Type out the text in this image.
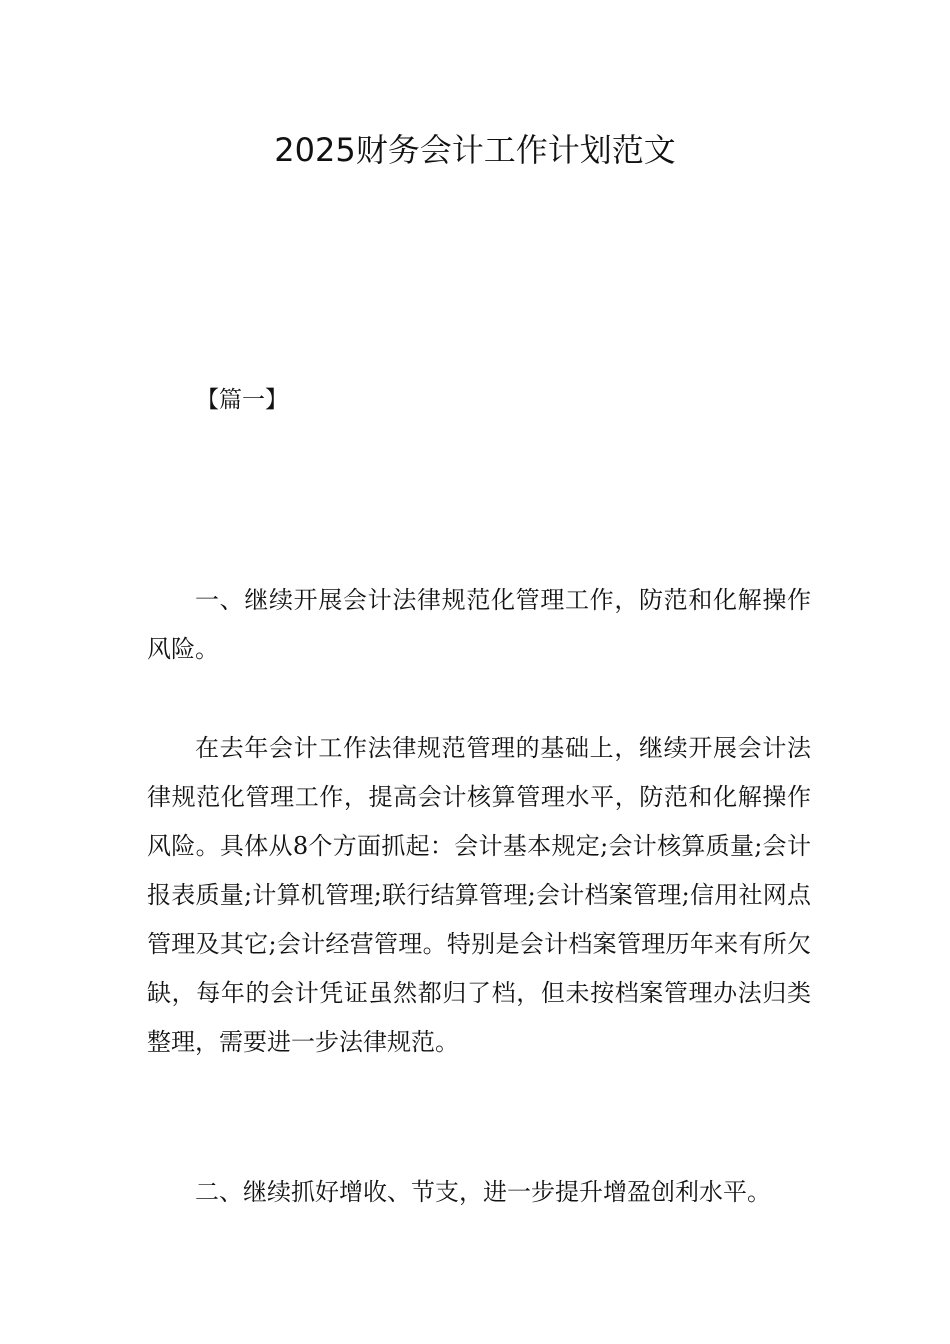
2025财务会计工作计划范文
【篇一】

一、继续开展会计法律规范化管理工作，防范和化解操作风险。

在去年会计工作法律规范管理的基础上，继续开展会计法律规范化管理工作，提高会计核算管理水平，防范和化解操作风险。具体从8个方面抓起：会计基本规定;会计核算质量;会计报表质量;计算机管理;联行结算管理;会计档案管理;信用社网点管理及其它;会计经营管理。特别是会计档案管理历年来有所欠缺，每年的会计凭证虽然都归了档，但未按档案管理办法归类整理，需要进一步法律规范。

二、继续抓好增收、节支，进一步提升增盈创利水平。
